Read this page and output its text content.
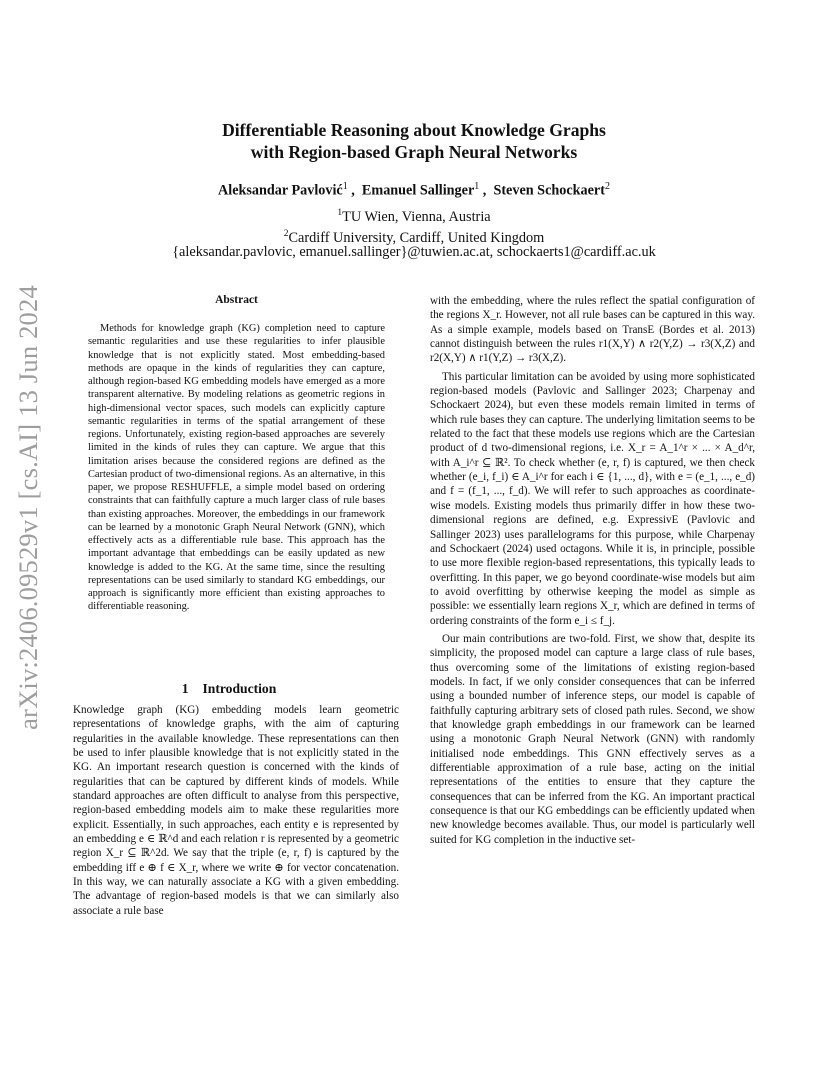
arXiv:2406.09529v1 [cs.AI] 13 Jun 2024
Differentiable Reasoning about Knowledge Graphs
with Region-based Graph Neural Networks
Aleksandar Pavlović$^1$ ,  Emanuel Sallinger$^1$ ,  Steven Schockaert$^2$
$^1$TU Wien, Vienna, Austria
$^2$Cardiff University, Cardiff, United Kingdom
{aleksandar.pavlovic, emanuel.sallinger}@tuwien.ac.at, schockaerts1@cardiff.ac.uk
Abstract

Methods for knowledge graph (KG) completion need to capture semantic regularities and use these regularities to infer plausible knowledge that is not explicitly stated. Most embedding-based methods are opaque in the kinds of regularities they can capture, although region-based KG embedding models have emerged as a more transparent alternative. By modeling relations as geometric regions in high-dimensional vector spaces, such models can explicitly capture semantic regularities in terms of the spatial arrangement of these regions. Unfortunately, existing region-based approaches are severely limited in the kinds of rules they can capture. We argue that this limitation arises because the considered regions are defined as the Cartesian product of two-dimensional regions. As an alternative, in this paper, we propose RESHUFFLE, a simple model based on ordering constraints that can faithfully capture a much larger class of rule bases than existing approaches. Moreover, the embeddings in our framework can be learned by a monotonic Graph Neural Network (GNN), which effectively acts as a differentiable rule base. This approach has the important advantage that embeddings can be easily updated as new knowledge is added to the KG. At the same time, since the resulting representations can be used similarly to standard KG embeddings, our approach is significantly more efficient than existing approaches to differentiable reasoning.

1 Introduction

Knowledge graph (KG) embedding models learn geometric representations of knowledge graphs, with the aim of capturing regularities in the available knowledge. These representations can then be used to infer plausible knowledge that is not explicitly stated in the KG. An important research question is concerned with the kinds of regularities that can be captured by different kinds of models. While standard approaches are often difficult to analyse from this perspective, region-based embedding models aim to make these regularities more explicit. Essentially, in such approaches, each entity e is represented by an embedding e ∈ ℝ^d and each relation r is represented by a geometric region X_r ⊆ ℝ^2d. We say that the triple (e, r, f) is captured by the embedding iff e ⊕ f ∈ X_r, where we write ⊕ for vector concatenation. In this way, we can naturally associate a KG with a given embedding. The advantage of region-based models is that we can similarly also associate a rule base

with the embedding, where the rules reflect the spatial configuration of the regions X_r. However, not all rule bases can be captured in this way. As a simple example, models based on TransE (Bordes et al. 2013) cannot distinguish between the rules r1(X,Y) ∧ r2(Y,Z) → r3(X,Z) and r2(X,Y) ∧ r1(Y,Z) → r3(X,Z).

This particular limitation can be avoided by using more sophisticated region-based models (Pavlovic and Sallinger 2023; Charpenay and Schockaert 2024), but even these models remain limited in terms of which rule bases they can capture. The underlying limitation seems to be related to the fact that these models use regions which are the Cartesian product of d two-dimensional regions, i.e. X_r = A_1^r × ... × A_d^r, with A_i^r ⊆ ℝ². To check whether (e, r, f) is captured, we then check whether (e_i, f_i) ∈ A_i^r for each i ∈ {1, ..., d}, with e = (e_1, ..., e_d) and f = (f_1, ..., f_d). We will refer to such approaches as coordinate-wise models. Existing models thus primarily differ in how these two-dimensional regions are defined, e.g. ExpressivE (Pavlovic and Sallinger 2023) uses parallelograms for this purpose, while Charpenay and Schockaert (2024) used octagons. While it is, in principle, possible to use more flexible region-based representations, this typically leads to overfitting. In this paper, we go beyond coordinate-wise models but aim to avoid overfitting by otherwise keeping the model as simple as possible: we essentially learn regions X_r, which are defined in terms of ordering constraints of the form e_i ≤ f_j.

Our main contributions are two-fold. First, we show that, despite its simplicity, the proposed model can capture a large class of rule bases, thus overcoming some of the limitations of existing region-based models. In fact, if we only consider consequences that can be inferred using a bounded number of inference steps, our model is capable of faithfully capturing arbitrary sets of closed path rules. Second, we show that knowledge graph embeddings in our framework can be learned using a monotonic Graph Neural Network (GNN) with randomly initialised node embeddings. This GNN effectively serves as a differentiable approximation of a rule base, acting on the initial representations of the entities to ensure that they capture the consequences that can be inferred from the KG. An important practical consequence is that our KG embeddings can be efficiently updated when new knowledge becomes available. Thus, our model is particularly well suited for KG completion in the inductive set-
